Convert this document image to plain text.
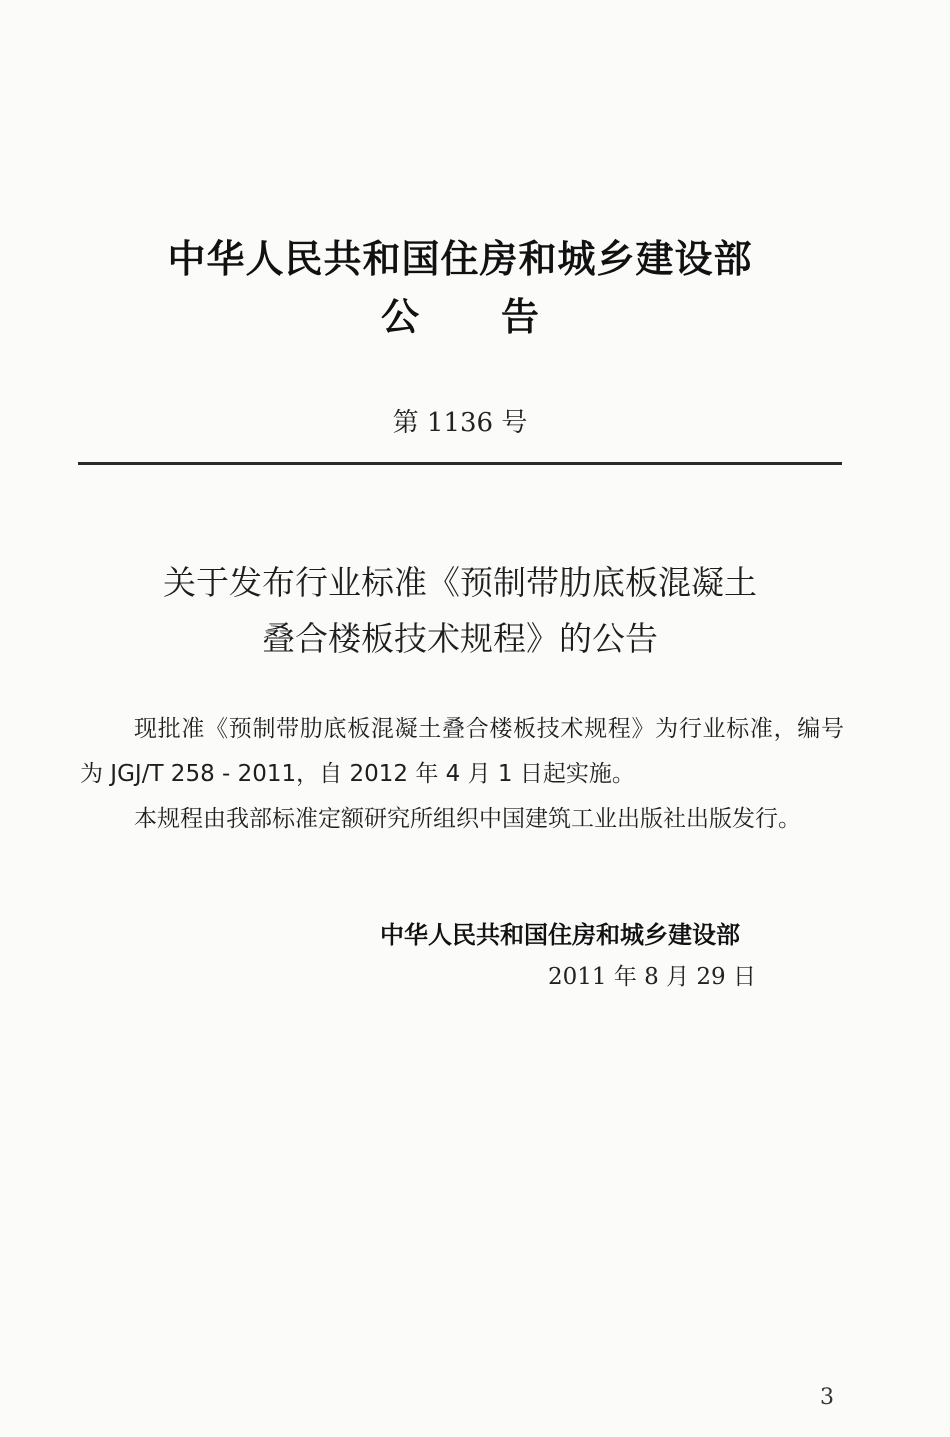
中华人民共和国住房和城乡建设部
公 告
第 1136 号
关于发布行业标准《预制带肋底板混凝土
叠合楼板技术规程》的公告

现批准《预制带肋底板混凝土叠合楼板技术规程》为行业标准，编号为 JGJ/T 258 - 2011，自 2012 年 4 月 1 日起实施。

本规程由我部标准定额研究所组织中国建筑工业出版社出版发行。

中华人民共和国住房和城乡建设部
2011 年 8 月 29 日
3
